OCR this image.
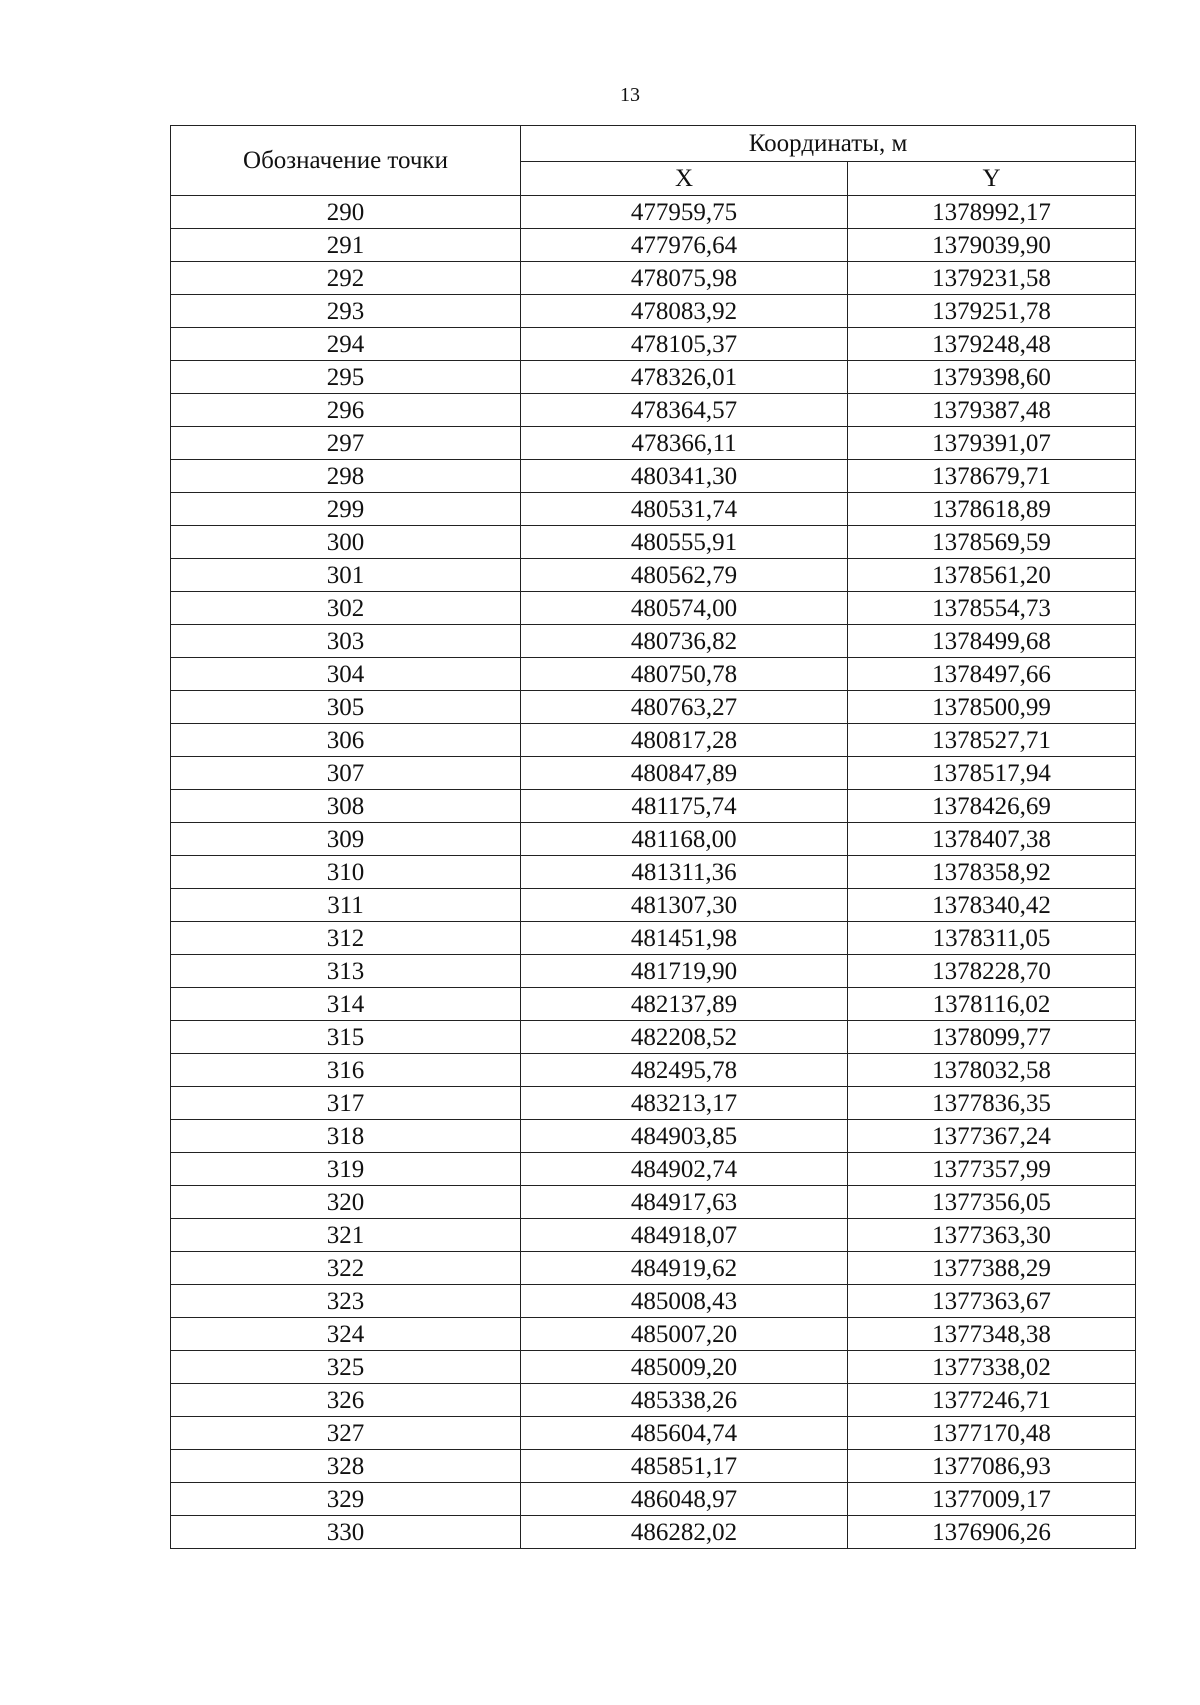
13
Обозначение точки	Координаты, м	
	X	Y
290	477959,75	1378992,17
291	477976,64	1379039,90
292	478075,98	1379231,58
293	478083,92	1379251,78
294	478105,37	1379248,48
295	478326,01	1379398,60
296	478364,57	1379387,48
297	478366,11	1379391,07
298	480341,30	1378679,71
299	480531,74	1378618,89
300	480555,91	1378569,59
301	480562,79	1378561,20
302	480574,00	1378554,73
303	480736,82	1378499,68
304	480750,78	1378497,66
305	480763,27	1378500,99
306	480817,28	1378527,71
307	480847,89	1378517,94
308	481175,74	1378426,69
309	481168,00	1378407,38
310	481311,36	1378358,92
311	481307,30	1378340,42
312	481451,98	1378311,05
313	481719,90	1378228,70
314	482137,89	1378116,02
315	482208,52	1378099,77
316	482495,78	1378032,58
317	483213,17	1377836,35
318	484903,85	1377367,24
319	484902,74	1377357,99
320	484917,63	1377356,05
321	484918,07	1377363,30
322	484919,62	1377388,29
323	485008,43	1377363,67
324	485007,20	1377348,38
325	485009,20	1377338,02
326	485338,26	1377246,71
327	485604,74	1377170,48
328	485851,17	1377086,93
329	486048,97	1377009,17
330	486282,02	1376906,26
